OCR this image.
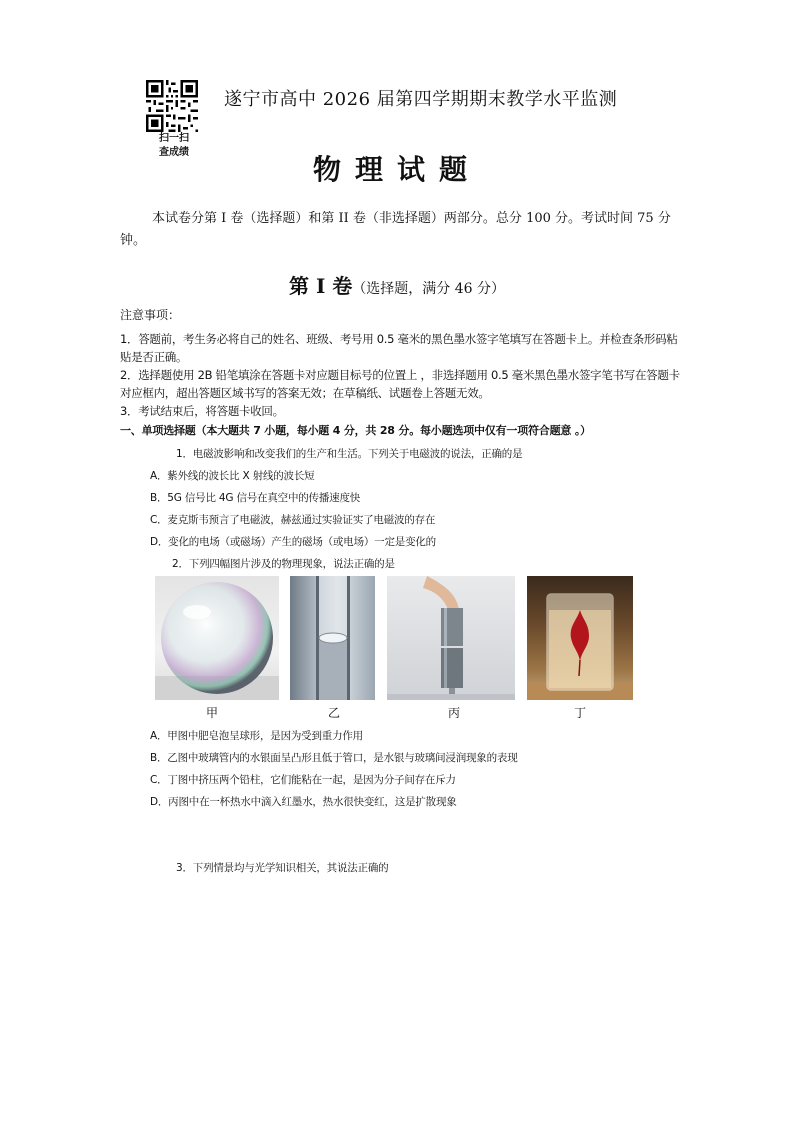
扫一扫
查成绩
遂宁市高中 2026 届第四学期期末教学水平监测
物理试题
本试卷分第 I 卷（选择题）和第 II 卷（非选择题）两部分。总分 100 分。考试时间 75 分钟。
第 I 卷（选择题，满分 46 分）
注意事项：
1．答题前，考生务必将自己的姓名、班级、考号用 0.5 毫米的黑色墨水签字笔填写在答题卡上。并检查条形码粘贴是否正确。
2．选择题使用 2B 铅笔填涂在答题卡对应题目标号的位置上 ，非选择题用 0.5 毫米黑色墨水签字笔书写在答题卡对应框内，超出答题区域书写的答案无效；在草稿纸、试题卷上答题无效。
3．考试结束后，将答题卡收回。
一、单项选择题（本大题共 7 小题，每小题 4 分，共 28 分。每小题选项中仅有一项符合题意 。）
1．电磁波影响和改变我们的生产和生活。下列关于电磁波的说法，正确的是
A．紫外线的波长比 X 射线的波长短
B．5G 信号比 4G 信号在真空中的传播速度快
C．麦克斯韦预言了电磁波，赫兹通过实验证实了电磁波的存在
D．变化的电场（或磁场）产生的磁场（或电场）一定是变化的
2．下列四幅图片涉及的物理现象，说法正确的是
甲	乙	丙	丁
A．甲图中肥皂泡呈球形，是因为受到重力作用
B．乙图中玻璃管内的水银面呈凸形且低于管口，是水银与玻璃间浸润现象的表现
C．丁图中挤压两个铅柱，它们能粘在一起，是因为分子间存在斥力
D．丙图中在一杯热水中滴入红墨水，热水很快变红，这是扩散现象
3．下列情景均与光学知识相关，其说法正确的
